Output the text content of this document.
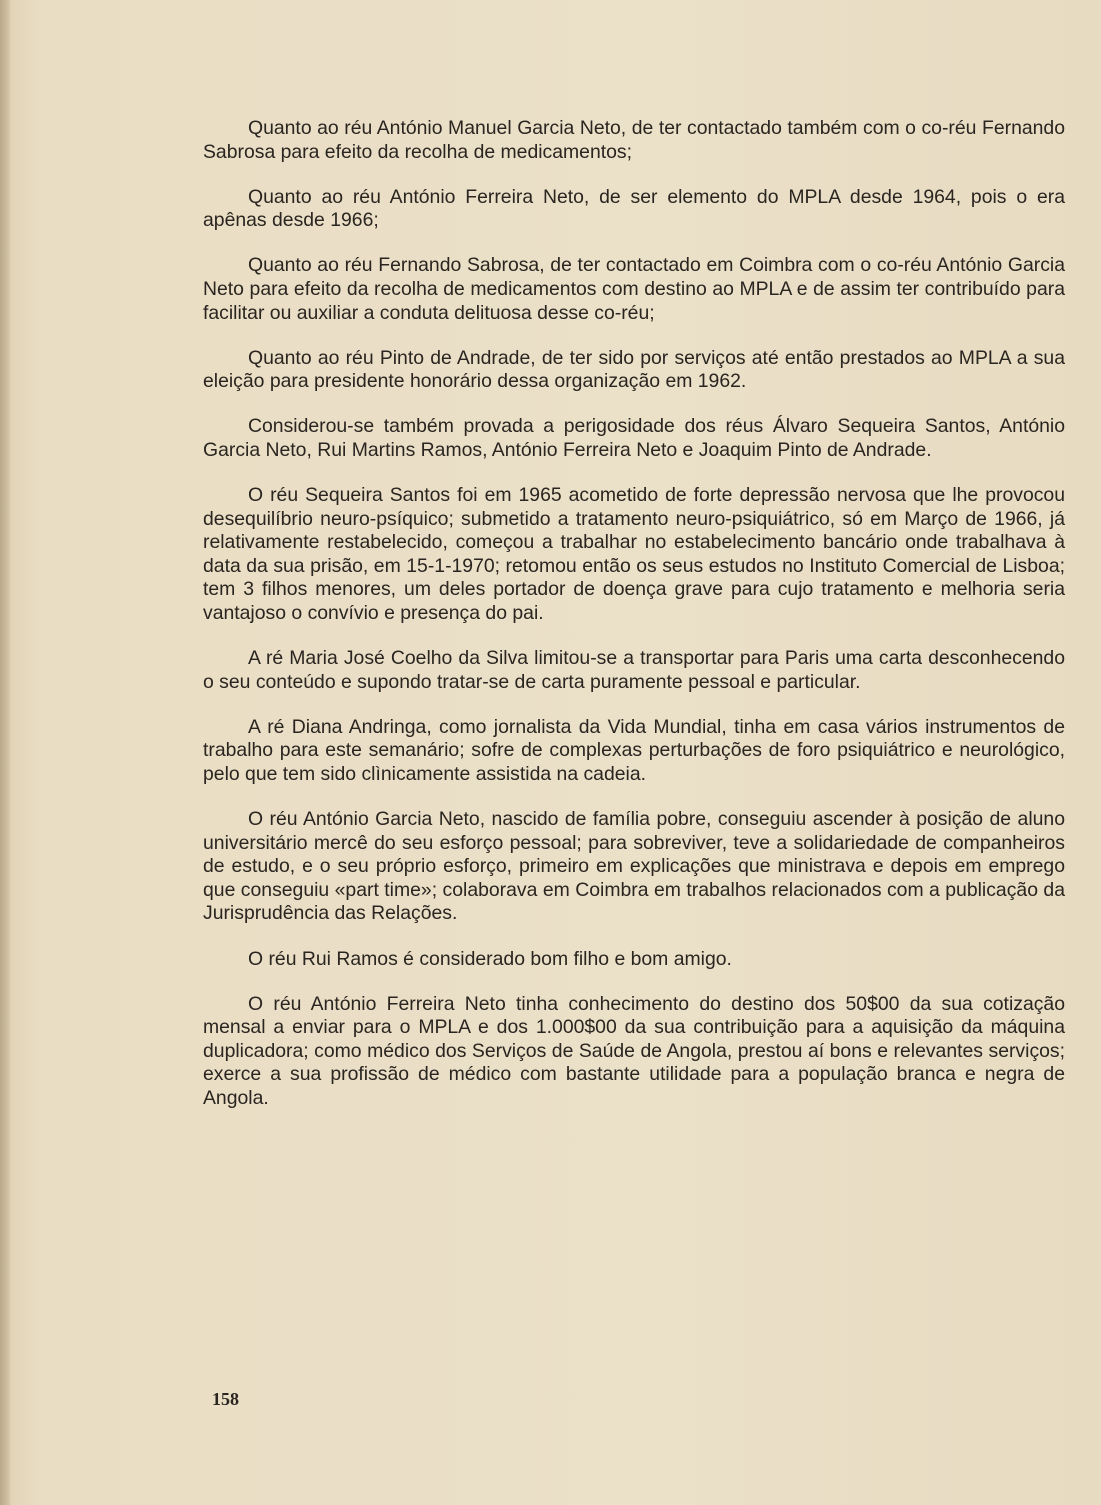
Quanto ao réu António Manuel Garcia Neto, de ter contactado também com o co-réu Fernando Sabrosa para efeito da recolha de medicamentos;

Quanto ao réu António Ferreira Neto, de ser elemento do MPLA desde 1964, pois o era apênas desde 1966;

Quanto ao réu Fernando Sabrosa, de ter contactado em Coimbra com o co-réu António Garcia Neto para efeito da recolha de medicamentos com destino ao MPLA e de assim ter contribuído para facilitar ou auxiliar a conduta delituosa desse co-réu;

Quanto ao réu Pinto de Andrade, de ter sido por serviços até então prestados ao MPLA a sua eleição para presidente honorário dessa organização em 1962.

Considerou-se também provada a perigosidade dos réus Álvaro Sequeira Santos, António Garcia Neto, Rui Martins Ramos, António Ferreira Neto e Joaquim Pinto de Andrade.

O réu Sequeira Santos foi em 1965 acometido de forte depressão nervosa que lhe provocou desequilíbrio neuro-psíquico; submetido a tratamento neuro-psiquiátrico, só em Março de 1966, já relativamente restabelecido, começou a trabalhar no estabelecimento bancário onde trabalhava à data da sua prisão, em 15-1-1970; retomou então os seus estudos no Instituto Comercial de Lisboa; tem 3 filhos menores, um deles portador de doença grave para cujo tratamento e melhoria seria vantajoso o convívio e presença do pai.

A ré Maria José Coelho da Silva limitou-se a transportar para Paris uma carta desconhecendo o seu conteúdo e supondo tratar-se de carta puramente pessoal e particular.

A ré Diana Andringa, como jornalista da Vida Mundial, tinha em casa vários instrumentos de trabalho para este semanário; sofre de complexas perturbações de foro psiquiátrico e neurológico, pelo que tem sido clìnicamente assistida na cadeia.

O réu António Garcia Neto, nascido de família pobre, conseguiu ascender à posição de aluno universitário mercê do seu esforço pessoal; para sobreviver, teve a solidariedade de companheiros de estudo, e o seu próprio esforço, primeiro em explicações que ministrava e depois em emprego que conseguiu «part time»; colaborava em Coimbra em trabalhos relacionados com a publicação da Jurisprudência das Relações.

O réu Rui Ramos é considerado bom filho e bom amigo.

O réu António Ferreira Neto tinha conhecimento do destino dos 50$00 da sua cotização mensal a enviar para o MPLA e dos 1.000$00 da sua contribuição para a aquisição da máquina duplicadora; como médico dos Serviços de Saúde de Angola, prestou aí bons e relevantes serviços; exerce a sua profissão de médico com bastante utilidade para a população branca e negra de Angola.

158
